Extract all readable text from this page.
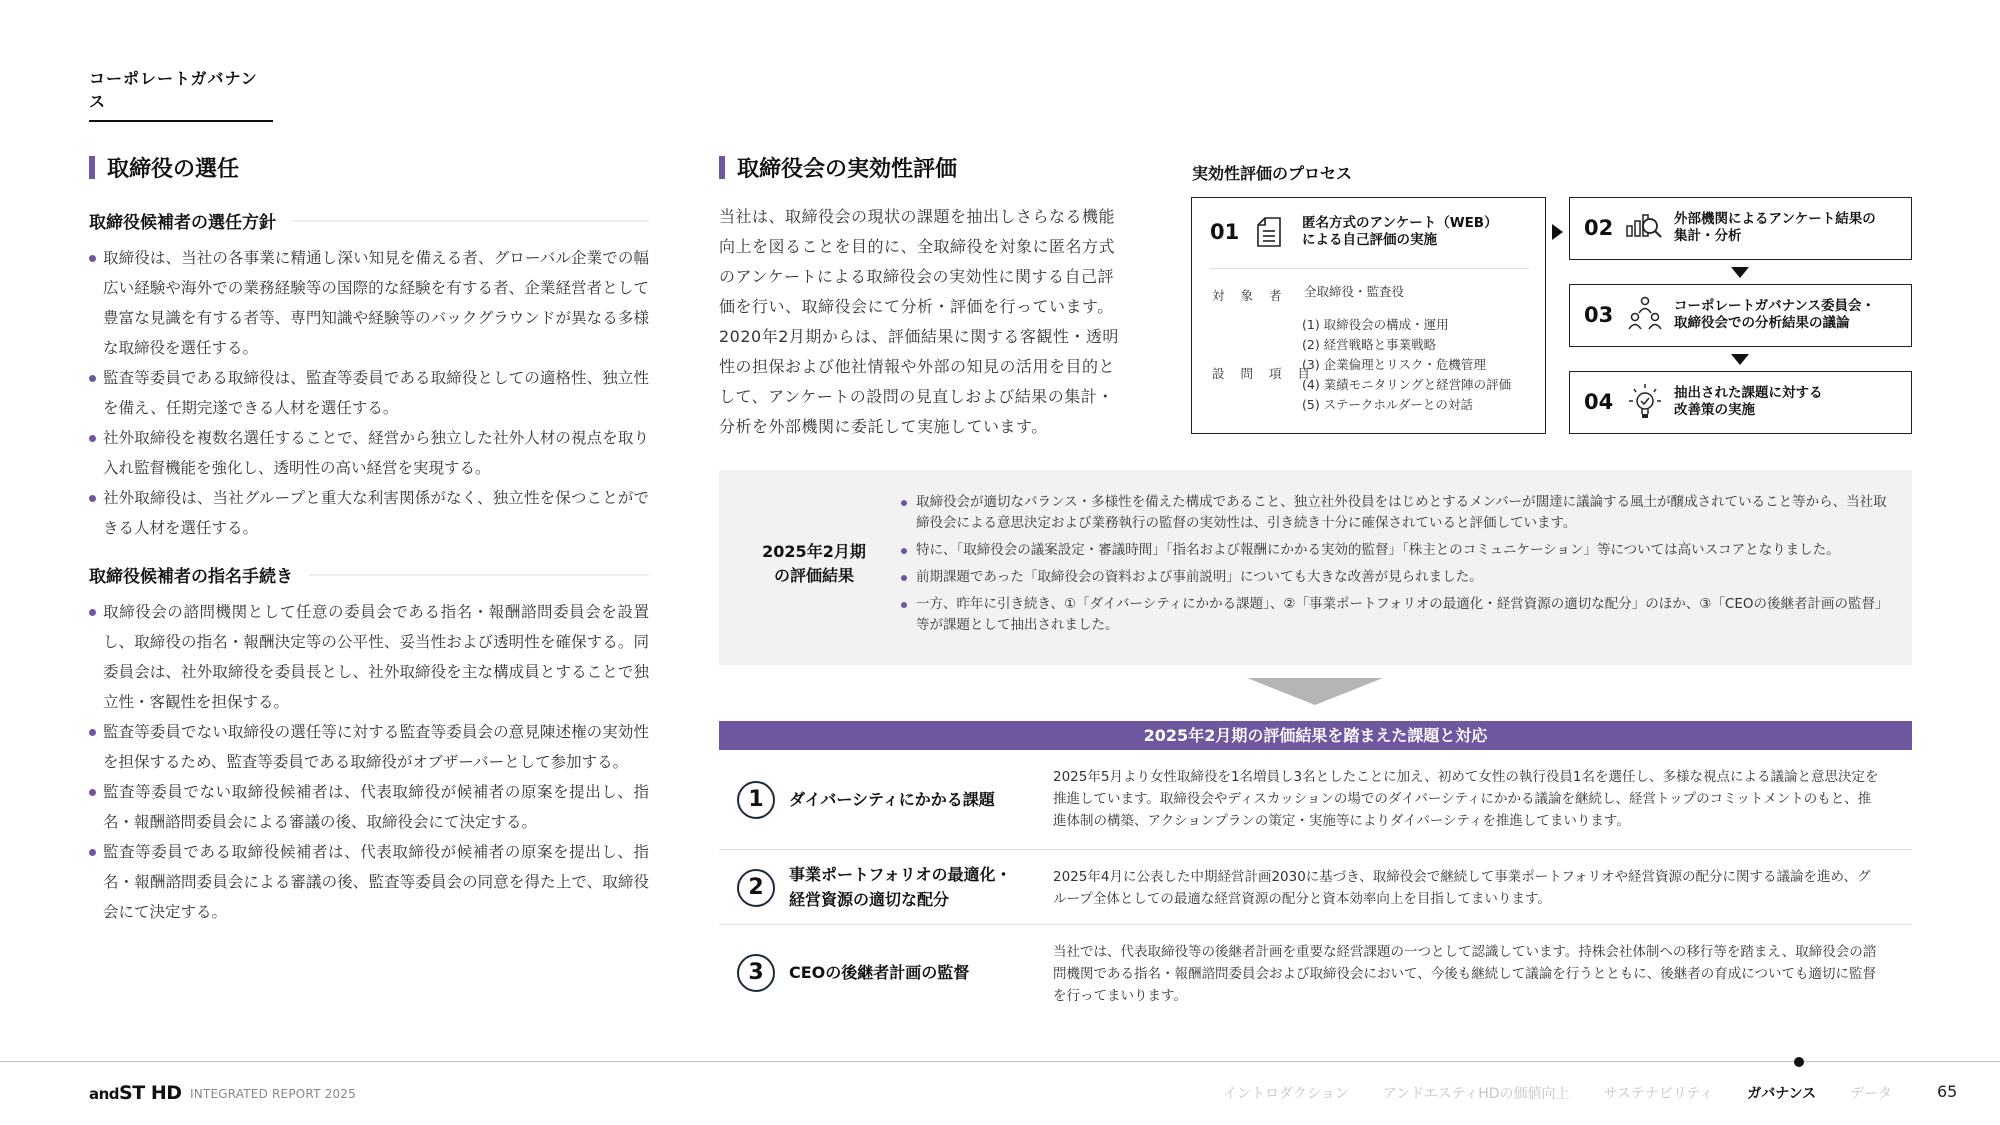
コーポレートガバナンス
取締役の選任
取締役候補者の選任方針
取締役は、当社の各事業に精通し深い知見を備える者、グローバル企業での幅広い経験や海外での業務経験等の国際的な経験を有する者、企業経営者として豊富な見識を有する者等、専門知識や経験等のバックグラウンドが異なる多様な取締役を選任する。
監査等委員である取締役は、監査等委員である取締役としての適格性、独立性を備え、任期完遂できる人材を選任する。
社外取締役を複数名選任することで、経営から独立した社外人材の視点を取り入れ監督機能を強化し、透明性の高い経営を実現する。
社外取締役は、当社グループと重大な利害関係がなく、独立性を保つことができる人材を選任する。
取締役候補者の指名手続き
取締役会の諮問機関として任意の委員会である指名・報酬諮問委員会を設置し、取締役の指名・報酬決定等の公平性、妥当性および透明性を確保する。同委員会は、社外取締役を委員長とし、社外取締役を主な構成員とすることで独立性・客観性を担保する。
監査等委員でない取締役の選任等に対する監査等委員会の意見陳述権の実効性を担保するため、監査等委員である取締役がオブザーバーとして参加する。
監査等委員でない取締役候補者は、代表取締役が候補者の原案を提出し、指名・報酬諮問委員会による審議の後、取締役会にて決定する。
監査等委員である取締役候補者は、代表取締役が候補者の原案を提出し、指名・報酬諮問委員会による審議の後、監査等委員会の同意を得た上で、取締役会にて決定する。
取締役会の実効性評価
当社は、取締役会の現状の課題を抽出しさらなる機能向上を図ることを目的に、全取締役を対象に匿名方式のアンケートによる取締役会の実効性に関する自己評価を行い、取締役会にて分析・評価を行っています。2020年2月期からは、評価結果に関する客観性・透明性の担保および他社情報や外部の知見の活用を目的として、アンケートの設問の見直しおよび結果の集計・分析を外部機関に委託して実施しています。
実効性評価のプロセス
01	匿名方式のアンケート（WEB）
による自己評価の実施
対 象 者 全取締役・監査役
設 問 項 目
(1) 取締役会の構成・運用
(2) 経営戦略と事業戦略
(3) 企業倫理とリスク・危機管理
(4) 業績モニタリングと経営陣の評価
(5) ステークホルダーとの対話
02	外部機関によるアンケート結果の
集計・分析
03	コーポレートガバナンス委員会・
取締役会での分析結果の議論
04	抽出された課題に対する
改善策の実施
2025年2月期
の評価結果
取締役会が適切なバランス・多様性を備えた構成であること、独立社外役員をはじめとするメンバーが闊達に議論する風土が醸成されていること等から、当社取締役会による意思決定および業務執行の監督の実効性は、引き続き十分に確保されていると評価しています。
特に、「取締役会の議案設定・審議時間」「指名および報酬にかかる実効的監督」「株主とのコミュニケーション」等については高いスコアとなりました。
前期課題であった「取締役会の資料および事前説明」についても大きな改善が見られました。
一方、昨年に引き続き、①「ダイバーシティにかかる課題」、②「事業ポートフォリオの最適化・経営資源の適切な配分」のほか、③「CEOの後継者計画の監督」等が課題として抽出されました。
2025年2月期の評価結果を踏まえた課題と対応
1	ダイバーシティにかかる課題
2025年5月より女性取締役を1名増員し3名としたことに加え、初めて女性の執行役員1名を選任し、多様な視点による議論と意思決定を推進しています。取締役会やディスカッションの場でのダイバーシティにかかる議論を継続し、経営トップのコミットメントのもと、推進体制の構築、アクションプランの策定・実施等によりダイバーシティを推進してまいります。
2
事業ポートフォリオの最適化・
経営資源の適切な配分
2025年4月に公表した中期経営計画2030に基づき、取締役会で継続して事業ポートフォリオや経営資源の配分に関する議論を進め、グループ全体としての最適な経営資源の配分と資本効率向上を目指してまいります。
3	CEOの後継者計画の監督
当社では、代表取締役等の後継者計画を重要な経営課題の一つとして認識しています。持株会社体制への移行等を踏まえ、取締役会の諮問機関である指名・報酬諮問委員会および取締役会において、今後も継続して議論を行うとともに、後継者の育成についても適切に監督を行ってまいります。
andST HD INTEGRATED REPORT 2025	イントロダクション アンドエスティHDの価値向上 サステナビリティ ガバナンス データ	65
